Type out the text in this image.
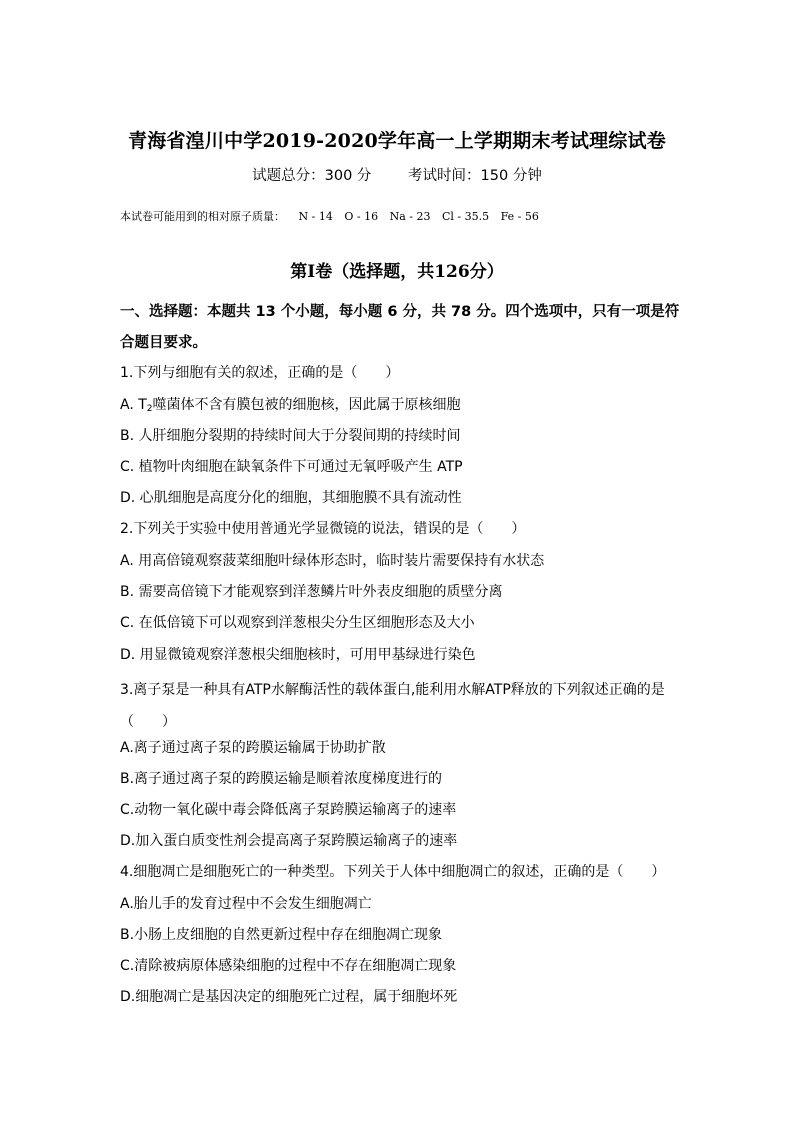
青海省湟川中学2019-2020学年高一上学期期末考试理综试卷
试题总分：300 分	考试时间：150 分钟
本试卷可能用到的相对原子质量： N - 14 O - 16 Na - 23 Cl - 35.5 Fe - 56
第Ⅰ卷（选择题，共126分）
一、选择题：本题共 13 个小题，每小题 6 分，共 78 分。四个选项中，只有一项是符合题目要求。
1.下列与细胞有关的叙述，正确的是（　　）
A. $T_2$噬菌体不含有膜包被的细胞核，因此属于原核细胞
B. 人肝细胞分裂期的持续时间大于分裂间期的持续时间
C. 植物叶肉细胞在缺氧条件下可通过无氧呼吸产生 ATP
D. 心肌细胞是高度分化的细胞，其细胞膜不具有流动性
2.下列关于实验中使用普通光学显微镜的说法，错误的是（　　）
A. 用高倍镜观察菠菜细胞叶绿体形态时，临时装片需要保持有水状态
B. 需要高倍镜下才能观察到洋葱鳞片叶外表皮细胞的质壁分离
C. 在低倍镜下可以观察到洋葱根尖分生区细胞形态及大小
D. 用显微镜观察洋葱根尖细胞核时，可用甲基绿进行染色
3.离子泵是一种具有ATP水解酶活性的载体蛋白,能利用水解ATP释放的下列叙述正确的是（　　）
A.离子通过离子泵的跨膜运输属于协助扩散
B.离子通过离子泵的跨膜运输是顺着浓度梯度进行的
C.动物一氧化碳中毒会降低离子泵跨膜运输离子的速率
D.加入蛋白质变性剂会提高离子泵跨膜运输离子的速率
4.细胞凋亡是细胞死亡的一种类型。下列关于人体中细胞凋亡的叙述，正确的是（　　）
A.胎儿手的发育过程中不会发生细胞凋亡
B.小肠上皮细胞的自然更新过程中存在细胞凋亡现象
C.清除被病原体感染细胞的过程中不存在细胞凋亡现象
D.细胞凋亡是基因决定的细胞死亡过程，属于细胞坏死
